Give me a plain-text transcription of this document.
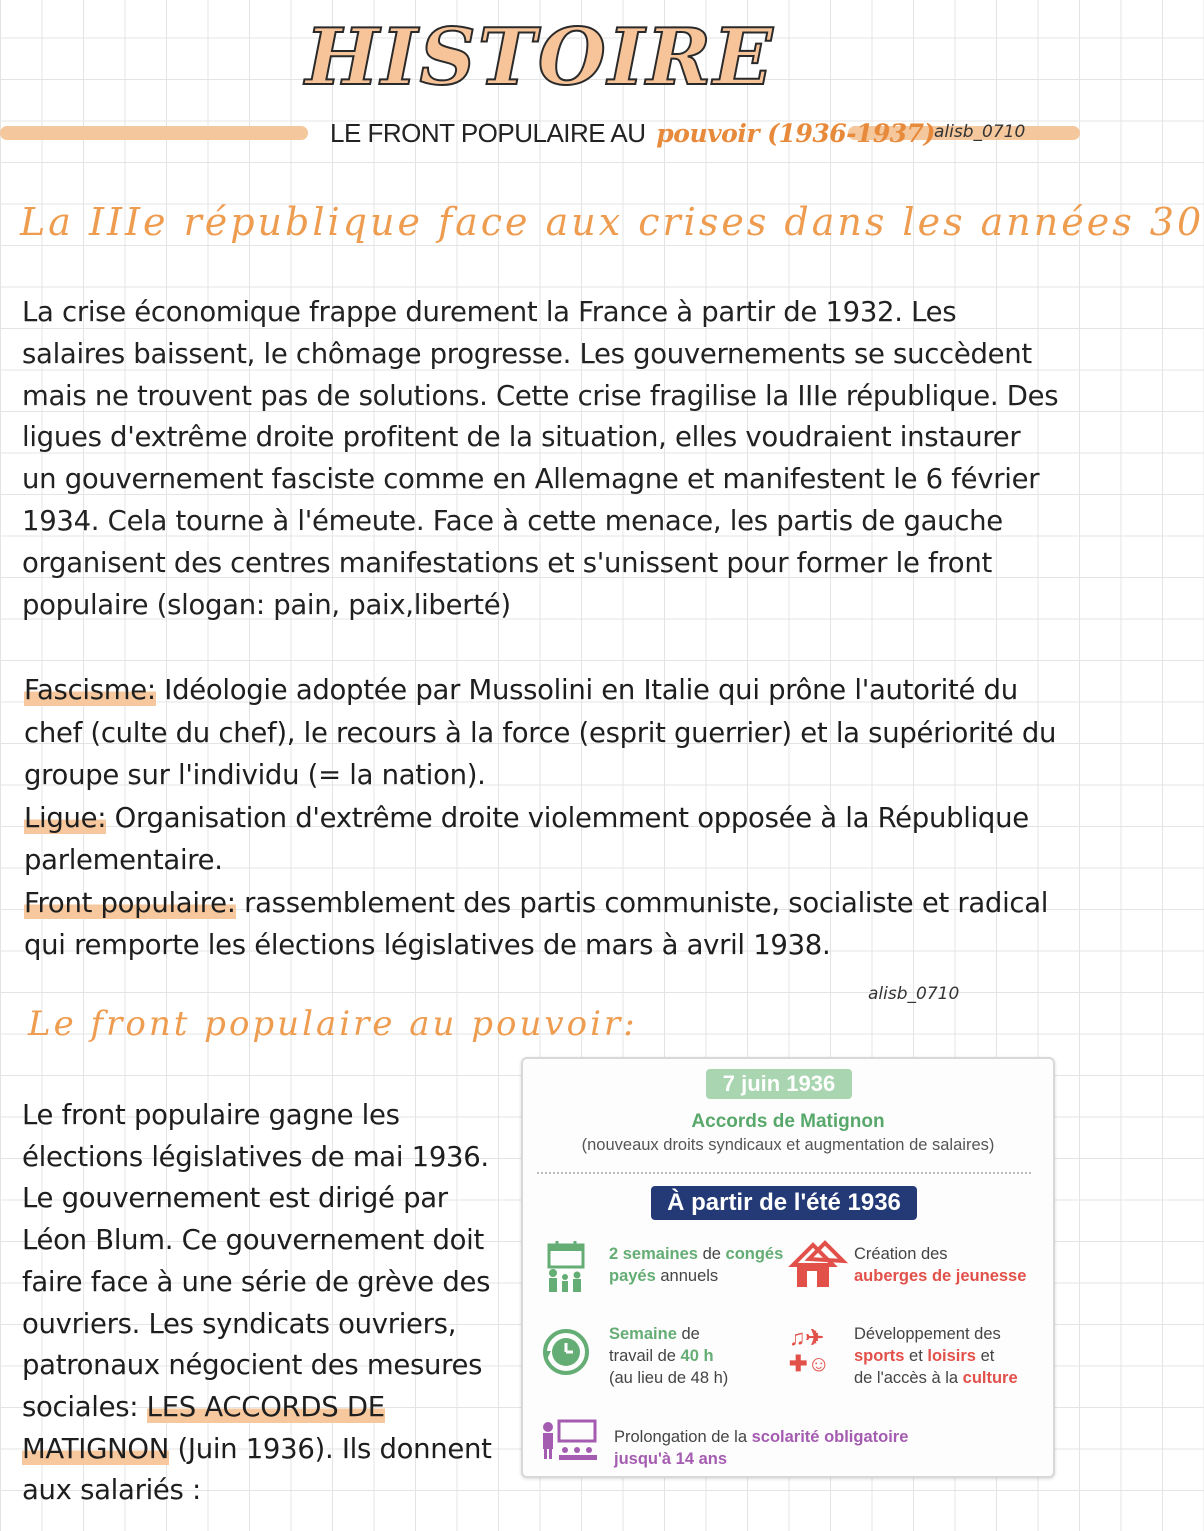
HISTOIRE
LE FRONT POPULAIRE AU pouvoir (1936-1937) alisb_0710
La IIIe république face aux crises dans les années 30

La crise économique frappe durement la France à partir de 1932. Les salaires baissent, le chômage progresse. Les gouvernements se succèdent mais ne trouvent pas de solutions. Cette crise fragilise la IIIe république. Des ligues d'extrême droite profitent de la situation, elles voudraient instaurer un gouvernement fasciste comme en Allemagne et manifestent le 6 février 1934. Cela tourne à l'émeute. Face à cette menace, les partis de gauche organisent des centres manifestations et s'unissent pour former le front populaire (slogan: pain, paix,liberté)

Fascisme: Idéologie adoptée par Mussolini en Italie qui prône l'autorité du chef (culte du chef), le recours à la force (esprit guerrier) et la supériorité du groupe sur l'individu (= la nation).
Ligue: Organisation d'extrême droite violemment opposée à la République parlementaire.
Front populaire: rassemblement des partis communiste, socialiste et radical qui remporte les élections législatives de mars à avril 1938.
alisb_0710
Le front populaire au pouvoir:
Le front populaire gagne les élections législatives de mai 1936. Le gouvernement est dirigé par Léon Blum. Ce gouvernement doit faire face à une série de grève des ouvriers. Les syndicats ouvriers, patronaux négocient des mesures sociales: LES ACCORDS DE MATIGNON (Juin 1936). Ils donnent aux salariés :
7 juin 1936
Accords de Matignon
(nouveaux droits syndicaux et augmentation de salaires)
À partir de l'été 1936
2 semaines de congés
payés annuels
Création des
auberges de jeunesse
Semaine de
travail de 40 h
(au lieu de 48 h)
♫✈
✚☺
Développement des
sports et loisirs et
de l'accès à la culture
Prolongation de la scolarité obligatoire
jusqu'à 14 ans
